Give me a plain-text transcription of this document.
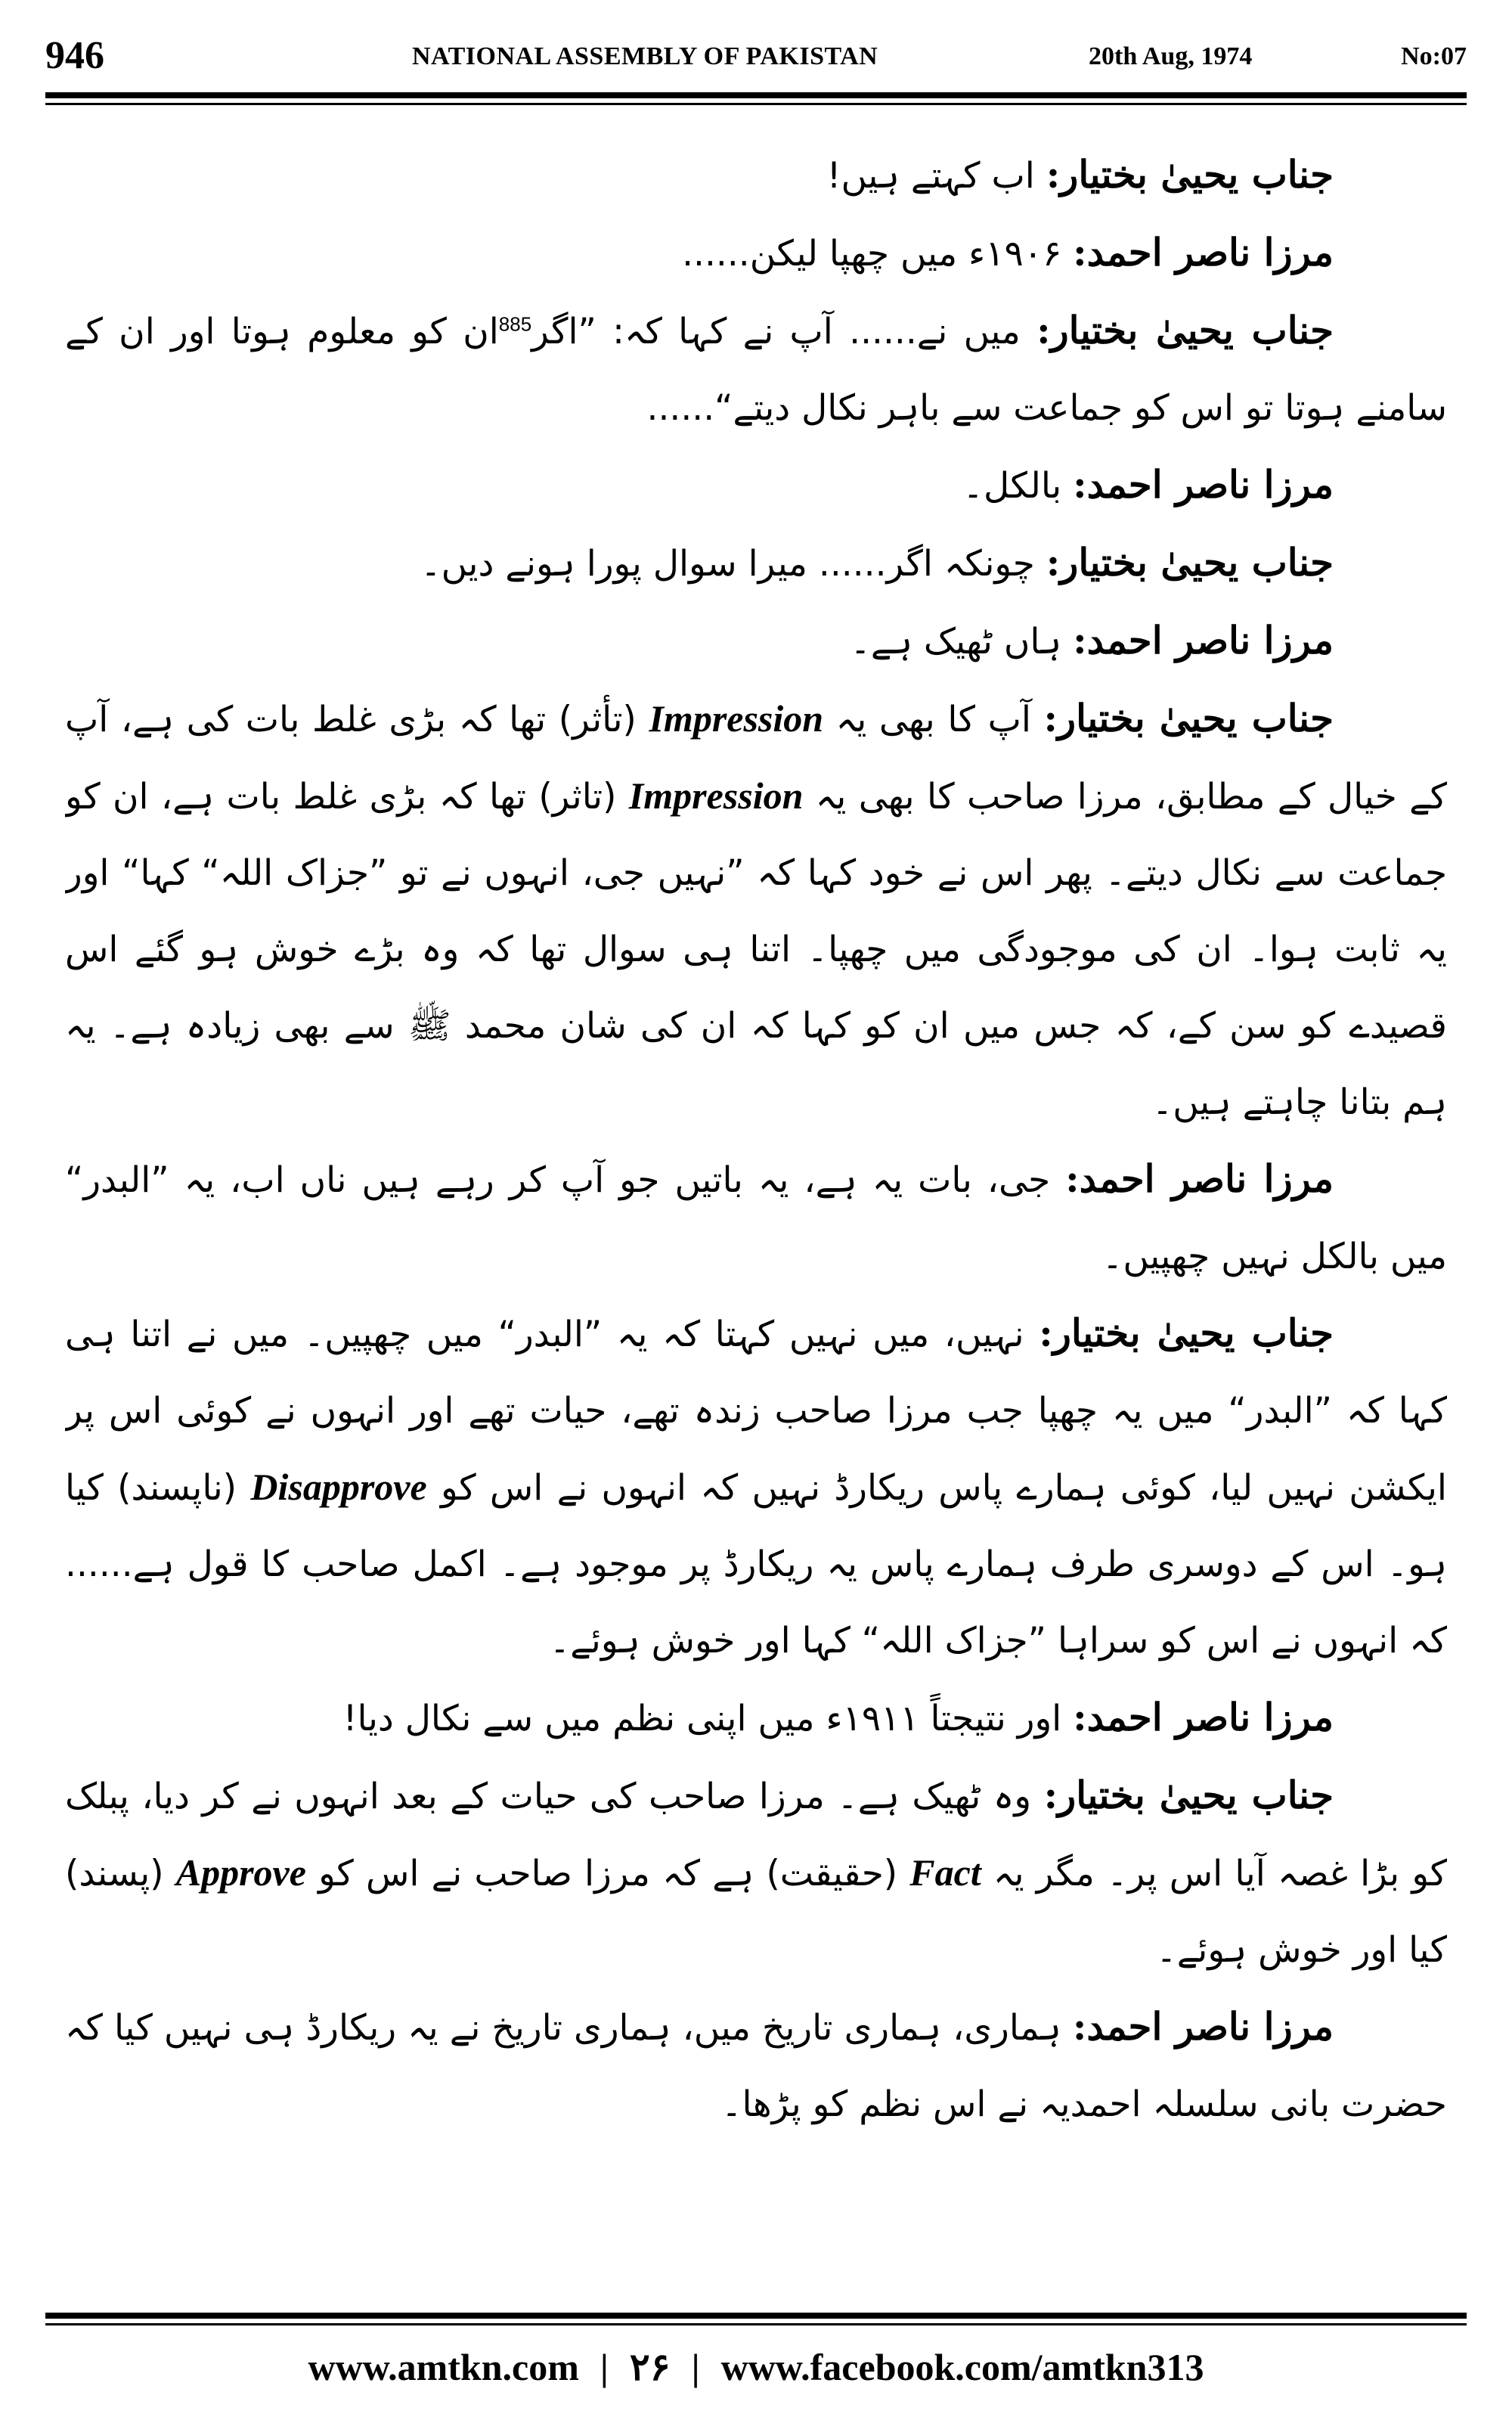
946	NATIONAL ASSEMBLY OF PAKISTAN	20th Aug, 1974	No:07

جناب یحییٰ بختیار: اب کہتے ہیں!

مرزا ناصر احمد: ۱۹۰۶ء میں چھپا لیکن......

جناب یحییٰ بختیار: میں نے...... آپ نے کہا کہ: ”اگر$^{885}$ان کو معلوم ہوتا اور ان کے سامنے ہوتا تو اس کو جماعت سے باہر نکال دیتے“......

مرزا ناصر احمد: بالکل۔

جناب یحییٰ بختیار: چونکہ اگر...... میرا سوال پورا ہونے دیں۔

مرزا ناصر احمد: ہاں ٹھیک ہے۔

جناب یحییٰ بختیار: آپ کا بھی یہ Impression (تأثر) تھا کہ بڑی غلط بات کی ہے، آپ کے خیال کے مطابق، مرزا صاحب کا بھی یہ Impression (تاثر) تھا کہ بڑی غلط بات ہے، ان کو جماعت سے نکال دیتے۔ پھر اس نے خود کہا کہ ”نہیں جی، انہوں نے تو ”جزاک اللہ“ کہا“ اور یہ ثابت ہوا۔ ان کی موجودگی میں چھپا۔ اتنا ہی سوال تھا کہ وہ بڑے خوش ہو گئے اس قصیدے کو سن کے، کہ جس میں ان کو کہا کہ ان کی شان محمد ﷺ سے بھی زیادہ ہے۔ یہ ہم بتانا چاہتے ہیں۔

مرزا ناصر احمد: جی، بات یہ ہے، یہ باتیں جو آپ کر رہے ہیں ناں اب، یہ ”البدر“ میں بالکل نہیں چھپیں۔

جناب یحییٰ بختیار: نہیں، میں نہیں کہتا کہ یہ ”البدر“ میں چھپیں۔ میں نے اتنا ہی کہا کہ ”البدر“ میں یہ چھپا جب مرزا صاحب زندہ تھے، حیات تھے اور انہوں نے کوئی اس پر ایکشن نہیں لیا، کوئی ہمارے پاس ریکارڈ نہیں کہ انہوں نے اس کو Disapprove (ناپسند) کیا ہو۔ اس کے دوسری طرف ہمارے پاس یہ ریکارڈ پر موجود ہے۔ اکمل صاحب کا قول ہے...... کہ انہوں نے اس کو سراہا ”جزاک اللہ“ کہا اور خوش ہوئے۔

مرزا ناصر احمد: اور نتیجتاً ۱۹۱۱ء میں اپنی نظم میں سے نکال دیا!

جناب یحییٰ بختیار: وہ ٹھیک ہے۔ مرزا صاحب کی حیات کے بعد انہوں نے کر دیا، پبلک کو بڑا غصہ آیا اس پر۔ مگر یہ Fact (حقیقت) ہے کہ مرزا صاحب نے اس کو Approve (پسند) کیا اور خوش ہوئے۔

مرزا ناصر احمد: ہماری، ہماری تاریخ میں، ہماری تاریخ نے یہ ریکارڈ ہی نہیں کیا کہ حضرت بانی سلسلہ احمدیہ نے اس نظم کو پڑھا۔

www.amtkn.com | ۲۶ | www.facebook.com/amtkn313
